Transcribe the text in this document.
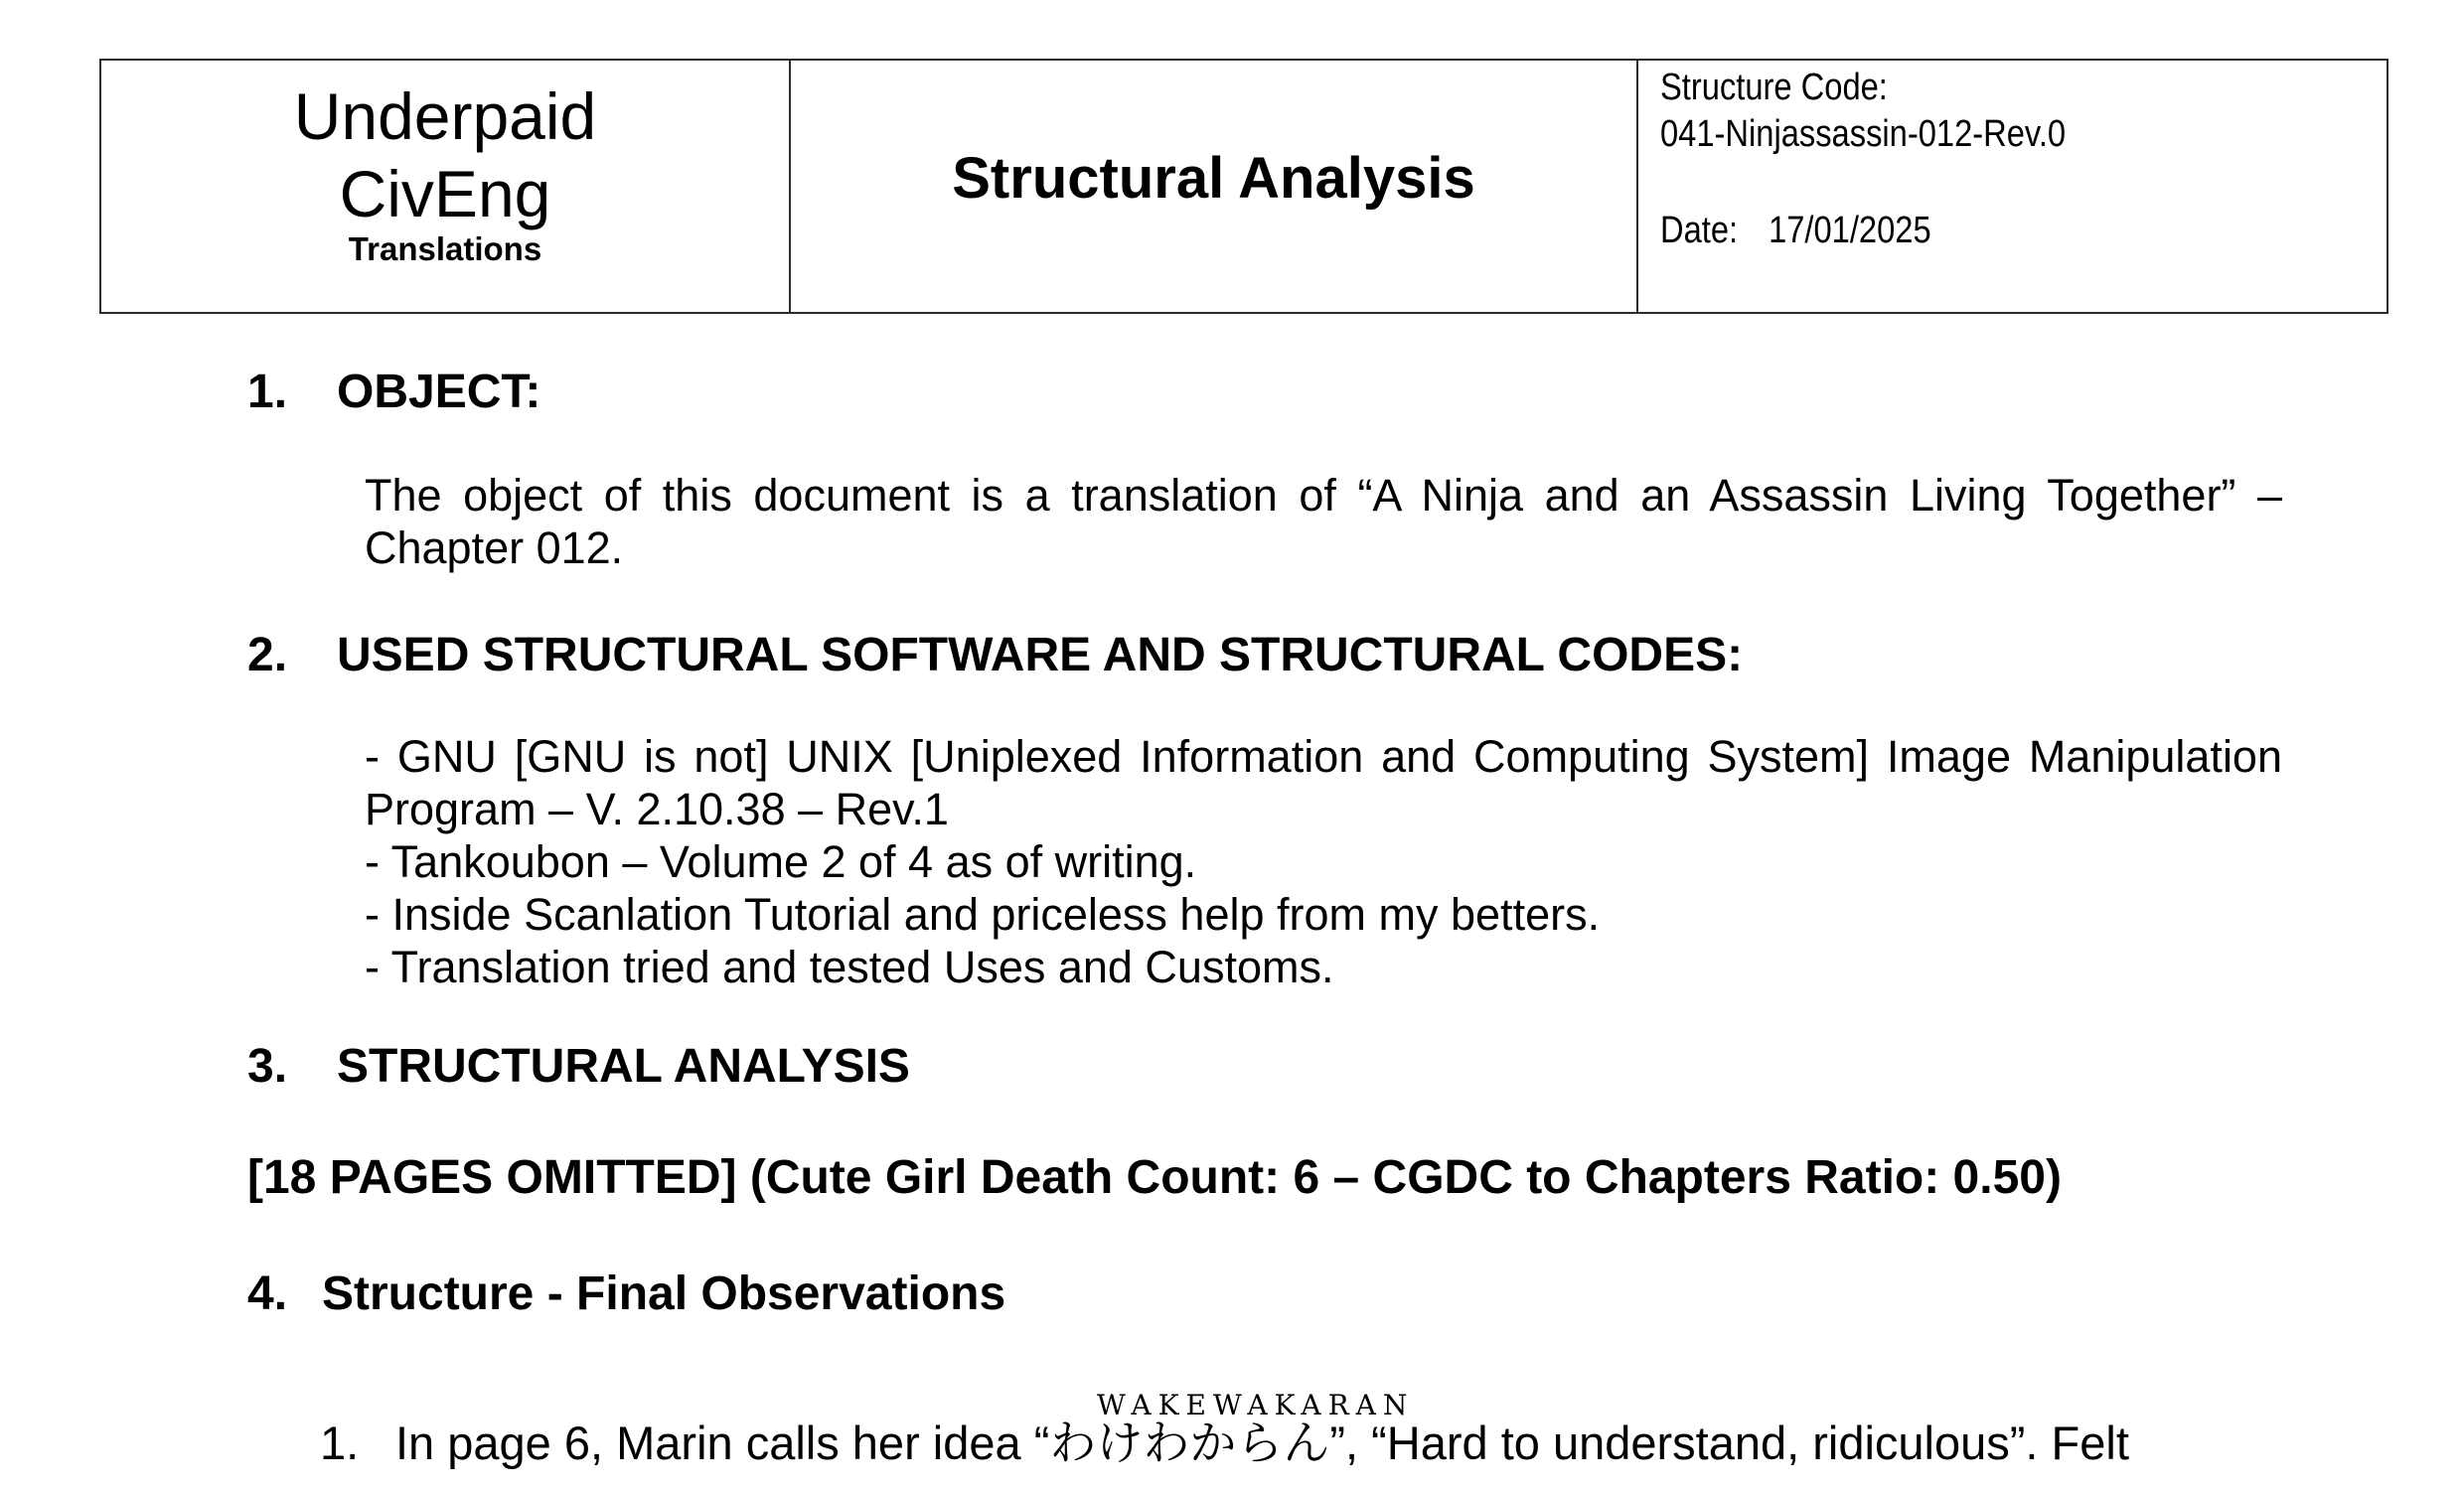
Underpaid
CivEng
Translations
Structural Analysis
Structure Code:
041-Ninjassassin-012-Rev.0
Date: 17/01/2025
1. OBJECT:
The object of this document is a translation of “A Ninja and an Assassin Living Together” – Chapter 012.
2. USED STRUCTURAL SOFTWARE AND STRUCTURAL CODES:
- GNU [GNU is not] UNIX [Uniplexed Information and Computing System] Image Manipulation Program – V. 2.10.38 – Rev.1
- Tankoubon – Volume 2 of 4 as of writing.
- Inside Scanlation Tutorial and priceless help from my betters.
- Translation tried and tested Uses and Customs.
3. STRUCTURAL ANALYSIS
[18 PAGES OMITTED] (Cute Girl Death Count: 6 – CGDC to Chapters Ratio: 0.50)
4. Structure - Final Observations
WAKEWAKARAN
1. In page 6, Marin calls her idea “わけわからん”, “Hard to understand, ridiculous”. Felt
